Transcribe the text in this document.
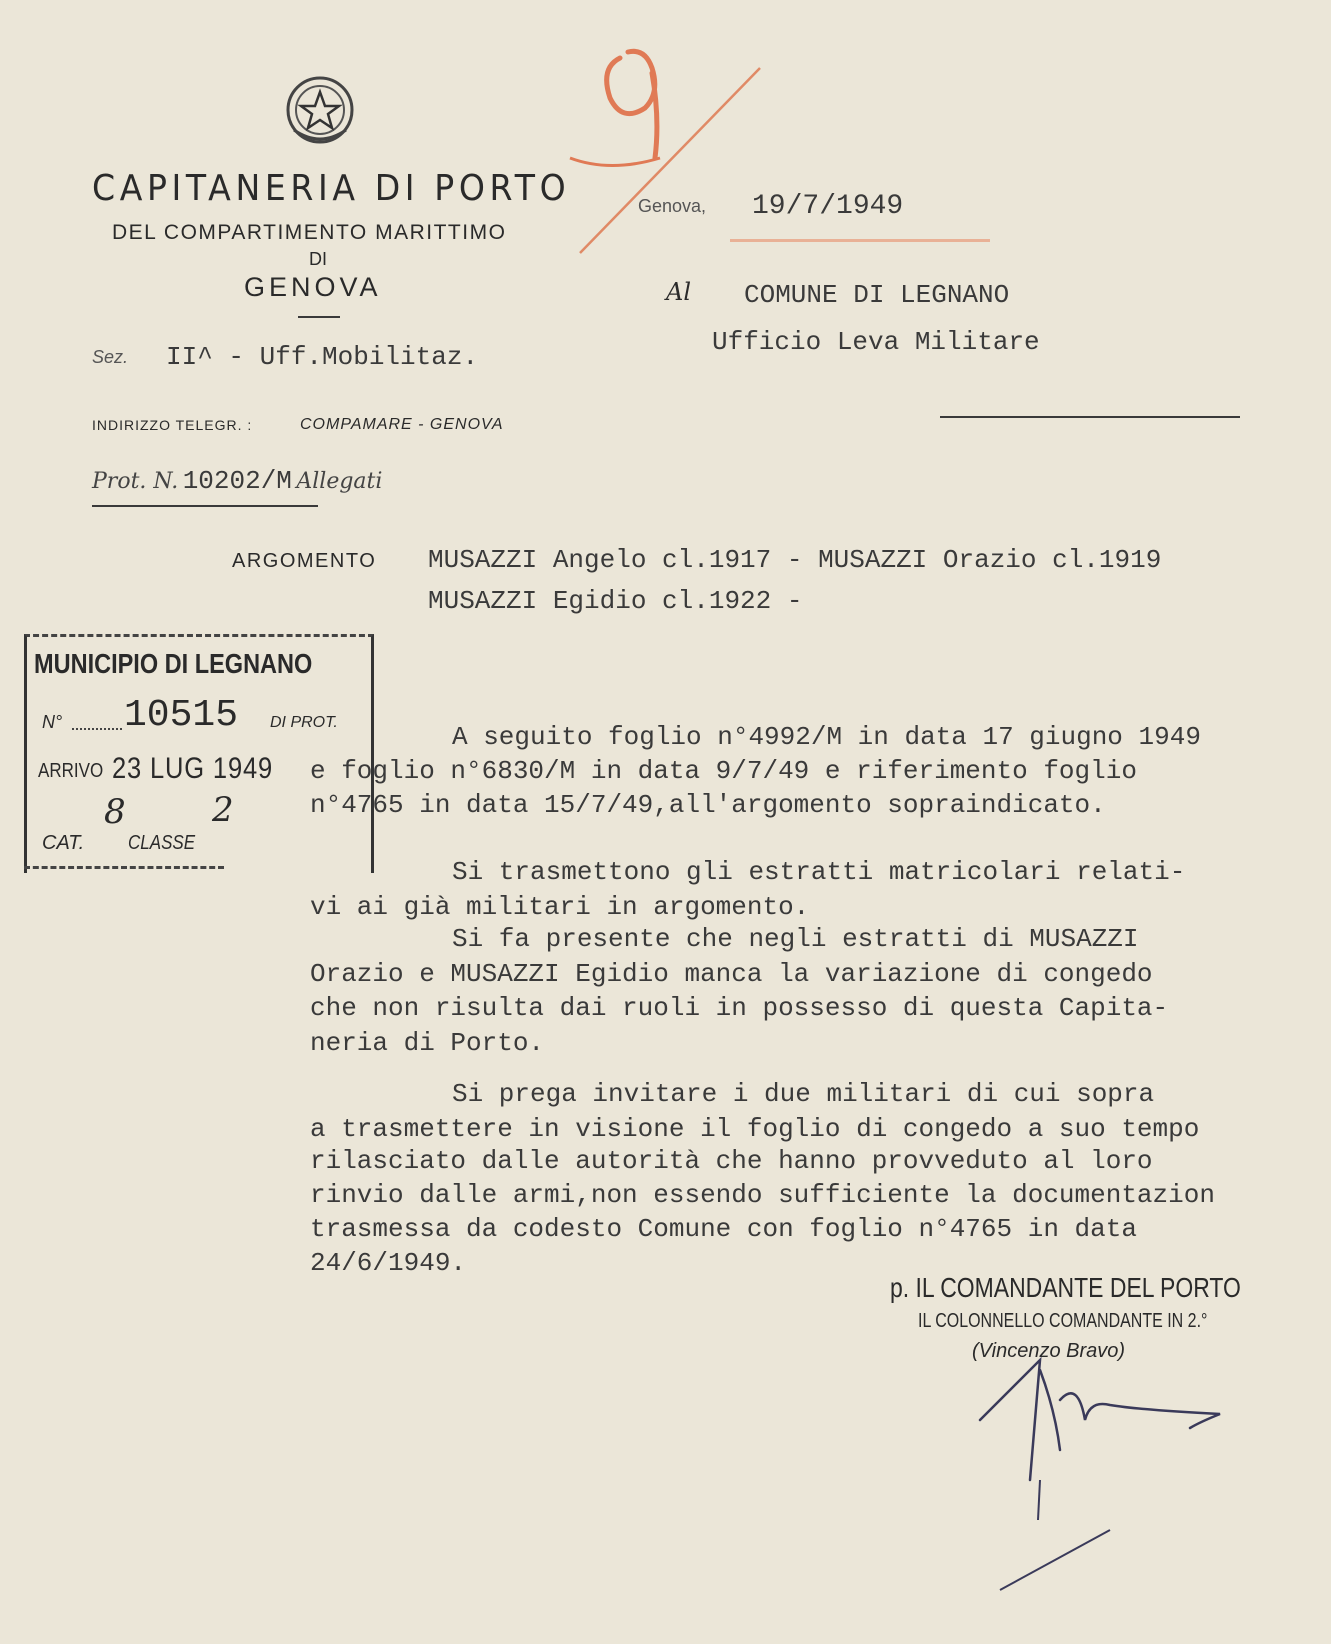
CAPITANERIA DI PORTO
DEL COMPARTIMENTO MARITTIMO
DI
GENOVA
Sez. II^ - Uff.Mobilitaz.
INDIRIZZO TELEGR. :	COMPAMARE - GENOVA
Prot. N. 10202/M Allegati
Genova, 19/7/1949
Al COMUNE DI LEGNANO
Ufficio Leva Militare
ARGOMENTO MUSAZZI Angelo cl.1917 - MUSAZZI Orazio cl.1919
MUSAZZI Egidio cl.1922 -
MUNICIPIO DI LEGNANO
N° 10515 DI PROT.
ARRIVO 23 LUG 1949
CAT.
8
CLASSE
2
A seguito foglio n°4992/M in data 17 giugno 1949
e foglio n°6830/M in data 9/7/49 e riferimento foglio
n°4765 in data 15/7/49,all'argomento sopraindicato.
Si trasmettono gli estratti matricolari relati-
vi ai già militari in argomento.
Si fa presente che negli estratti di MUSAZZI
Orazio e MUSAZZI Egidio manca la variazione di congedo
che non risulta dai ruoli in possesso di questa Capita-
neria di Porto.
Si prega invitare i due militari di cui sopra
a trasmettere in visione il foglio di congedo a suo tempo
rilasciato dalle autorità che hanno provveduto al loro
rinvio dalle armi,non essendo sufficiente la documentazion
trasmessa da codesto Comune con foglio n°4765 in data
24/6/1949.
p. IL COMANDANTE DEL PORTO
IL COLONNELLO COMANDANTE IN 2.°
(Vincenzo Bravo)
